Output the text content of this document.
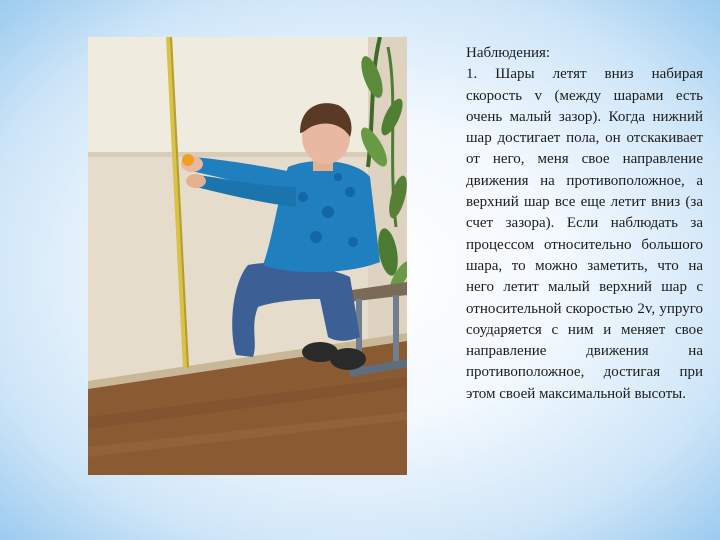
Наблюдения:
1. Шары летят вниз набирая скорость v (между шарами есть очень малый зазор). Когда нижний шар достигает пола, он отскакивает от него, меня свое направление движения на противоположное, а верхний шар все еще летит вниз (за счет зазора). Если наблюдать за процессом относительно большого шара, то можно заметить, что на него летит малый верхний шар с относительной скоростью 2v, упруго соударяется с ним и меняет свое направление движения на противоположное, достигая при этом своей максимальной высоты.
